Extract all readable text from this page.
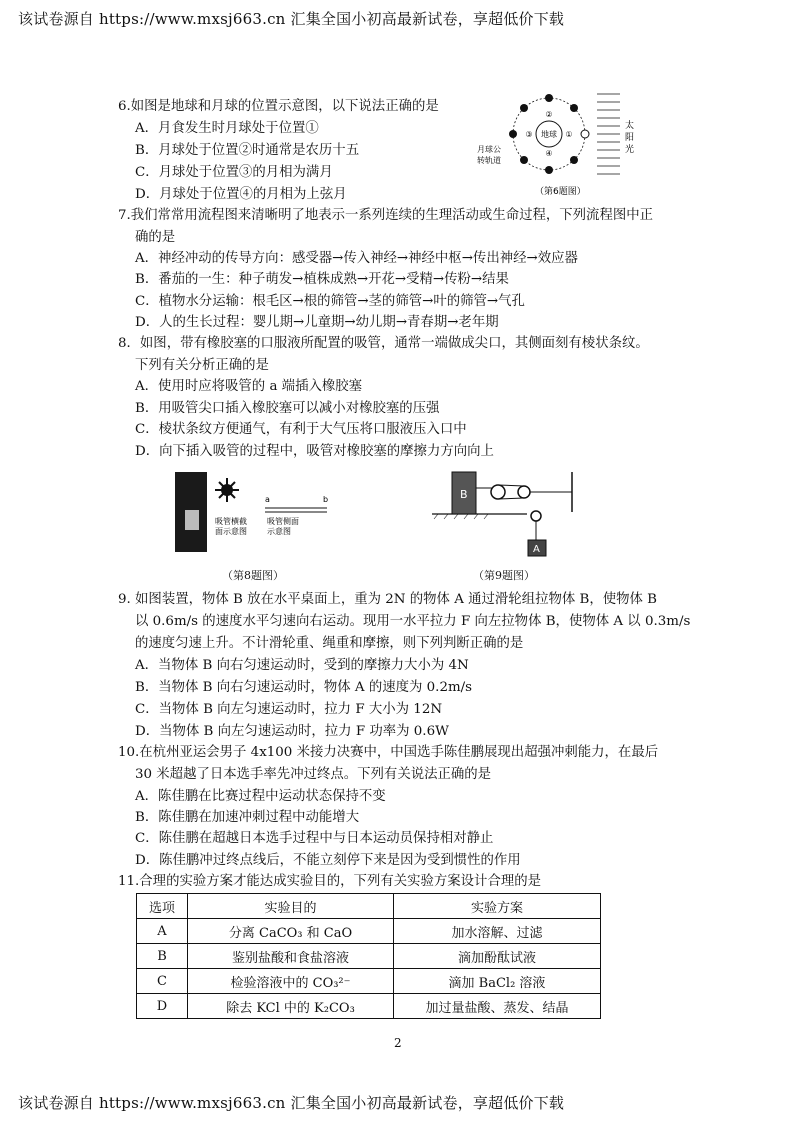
该试卷源自 https://www.mxsj663.cn 汇集全国小初高最新试卷，享超低价下载
6.如图是地球和月球的位置示意图，以下说法正确的是
A．月食发生时月球处于位置①
B．月球处于位置②时通常是农历十五
C．月球处于位置③的月相为满月
D．月球处于位置④的月相为上弦月
地球
②
①
③
④
月球公
转轨道
太
阳
光
（第6题图）
7.我们常常用流程图来清晰明了地表示一系列连续的生理活动或生命过程，下列流程图中正
确的是
A．神经冲动的传导方向：感受器→传入神经→神经中枢→传出神经→效应器
B．番茄的一生：种子萌发→植株成熟→开花→受精→传粉→结果
C．植物水分运输：根毛区→根的筛管→茎的筛管→叶的筛管→气孔
D．人的生长过程：婴儿期→儿童期→幼儿期→青春期→老年期
8．如图，带有橡胶塞的口服液所配置的吸管，通常一端做成尖口，其侧面刻有棱状条纹。
下列有关分析正确的是
A．使用时应将吸管的 a 端插入橡胶塞
B．用吸管尖口插入橡胶塞可以减小对橡胶塞的压强
C．棱状条纹方便通气，有利于大气压将口服液压入口中
D．向下插入吸管的过程中，吸管对橡胶塞的摩擦力方向向上
a	b
吸管横截
面示意图
吸管侧面
示意图
（第8题图）
B
A
（第9题图）
9. 如图装置，物体 B 放在水平桌面上，重为 2N 的物体 A 通过滑轮组拉物体 B，使物体 B
以 0.6m/s 的速度水平匀速向右运动。现用一水平拉力 F 向左拉物体 B，使物体 A 以 0.3m/s
的速度匀速上升。不计滑轮重、绳重和摩擦，则下列判断正确的是
A．当物体 B 向右匀速运动时，受到的摩擦力大小为 4N
B．当物体 B 向右匀速运动时，物体 A 的速度为 0.2m/s
C．当物体 B 向左匀速运动时，拉力 F 大小为 12N
D．当物体 B 向左匀速运动时，拉力 F 功率为 0.6W
10.在杭州亚运会男子 4x100 米接力决赛中，中国选手陈佳鹏展现出超强冲刺能力，在最后
30 米超越了日本选手率先冲过终点。下列有关说法正确的是
A．陈佳鹏在比赛过程中运动状态保持不变
B．陈佳鹏在加速冲刺过程中动能增大
C．陈佳鹏在超越日本选手过程中与日本运动员保持相对静止
D．陈佳鹏冲过终点线后，不能立刻停下来是因为受到惯性的作用
11.合理的实验方案才能达成实验目的，下列有关实验方案设计合理的是
选项	实验目的	实验方案
A	分离 CaCO₃ 和 CaO	加水溶解、过滤
B	鉴别盐酸和食盐溶液	滴加酚酞试液
C	检验溶液中的 CO₃²⁻	滴加 BaCl₂ 溶液
D	除去 KCl 中的 K₂CO₃	加过量盐酸、蒸发、结晶
2
该试卷源自 https://www.mxsj663.cn 汇集全国小初高最新试卷，享超低价下载
